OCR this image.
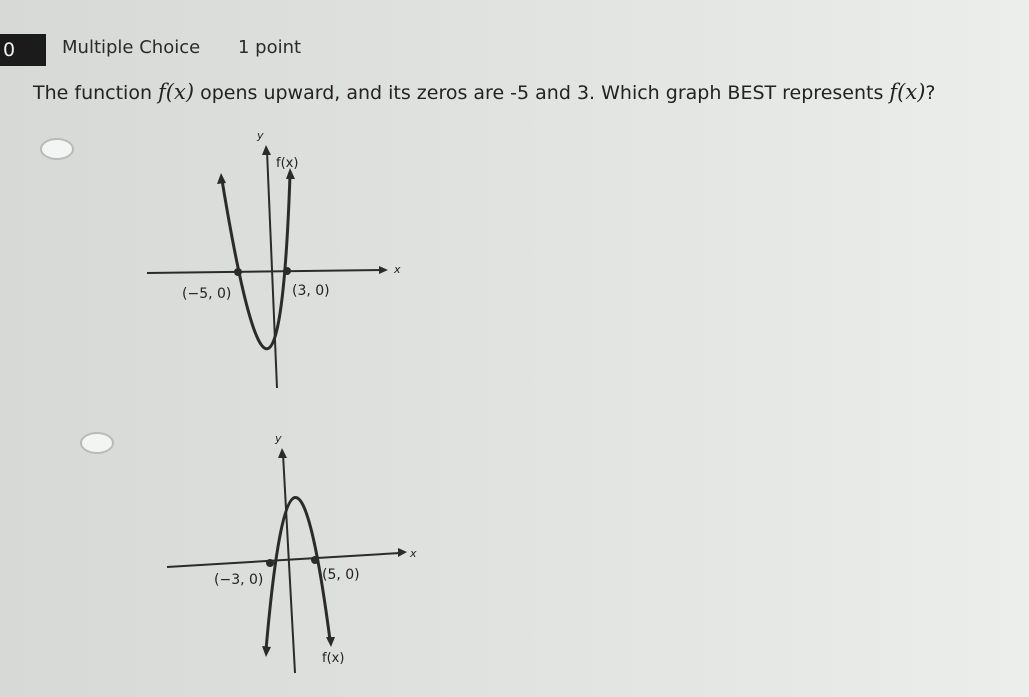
0	Multiple Choice 1 point
The function f(x) opens upward, and its zeros are -5 and 3. Which graph BEST represents f(x)?
y
x
f(x)
(−5, 0)	(3, 0)
y
x
f(x)
(−3, 0)	(5, 0)
